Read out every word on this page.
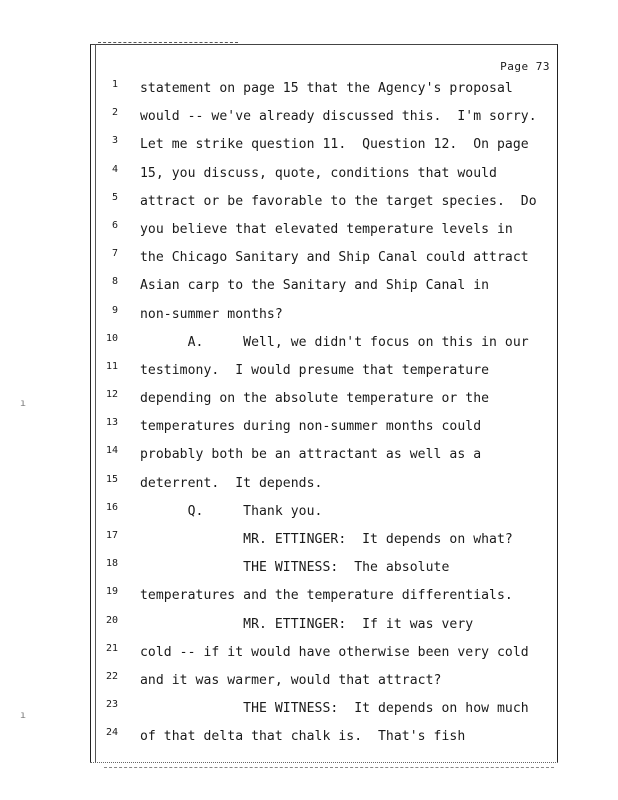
ı
ı
Page 73
1 statement on page 15 that the Agency's proposal
2 would -- we've already discussed this.  I'm sorry.
3 Let me strike question 11.  Question 12.  On page
4 15, you discuss, quote, conditions that would
5 attract or be favorable to the target species.  Do
6 you believe that elevated temperature levels in
7 the Chicago Sanitary and Ship Canal could attract
8 Asian carp to the Sanitary and Ship Canal in
9 non-summer months?
10 A.     Well, we didn't focus on this in our
11 testimony.  I would presume that temperature
12 depending on the absolute temperature or the
13 temperatures during non-summer months could
14 probably both be an attractant as well as a
15 deterrent.  It depends.
16 Q.     Thank you.
17 MR. ETTINGER:  It depends on what?
18 THE WITNESS:  The absolute
19 temperatures and the temperature differentials.
20 MR. ETTINGER:  If it was very
21 cold -- if it would have otherwise been very cold
22 and it was warmer, would that attract?
23 THE WITNESS:  It depends on how much
24 of that delta that chalk is.  That's fish
